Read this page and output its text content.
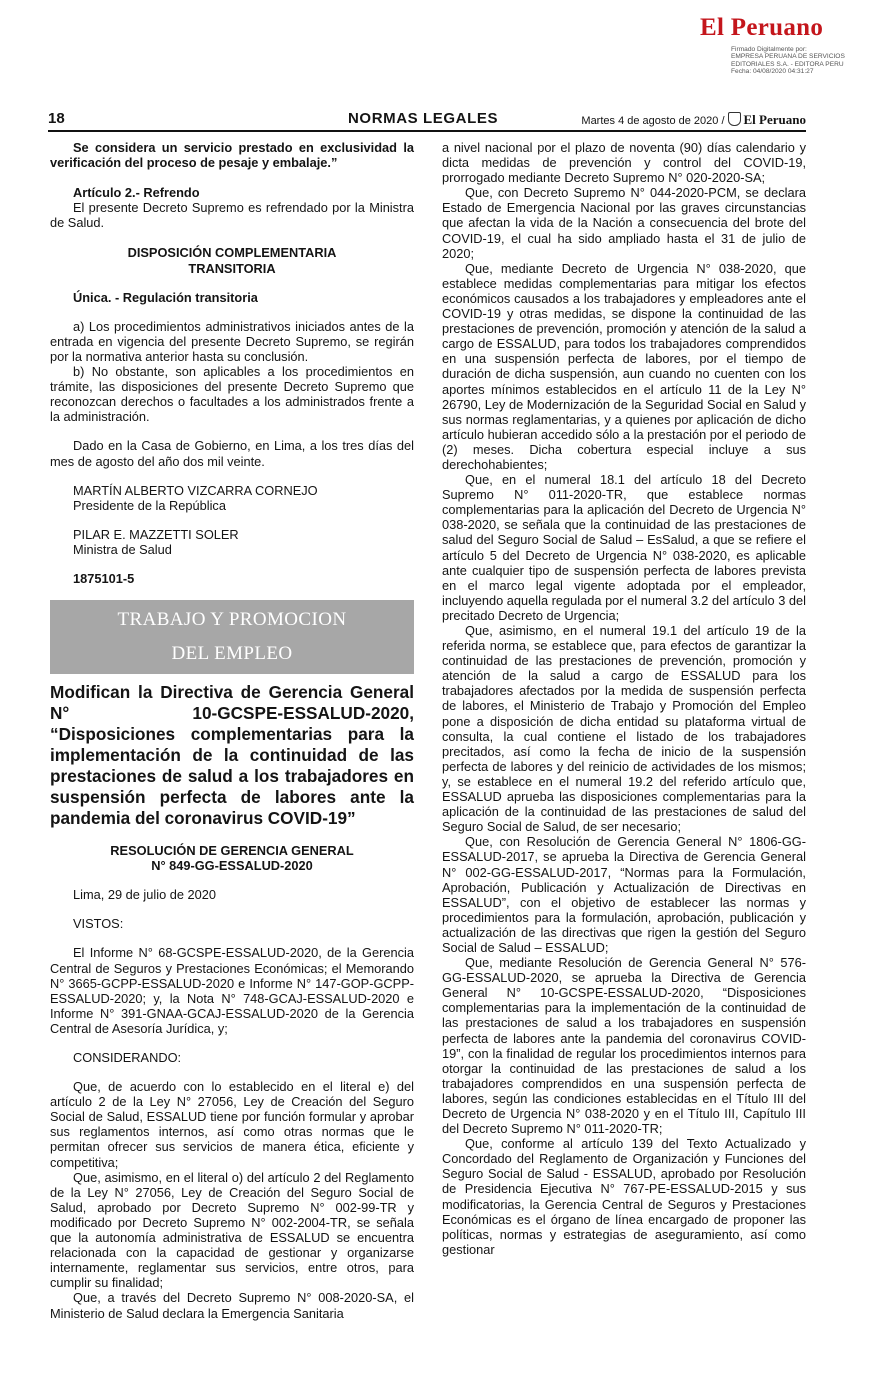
El Peruano
Firmado Digitalmente por:
EMPRESA PERUANA DE SERVICIOS
EDITORIALES S.A. - EDITORA PERU
Fecha: 04/08/2020 04:31:27
18	NORMAS LEGALES	Martes 4 de agosto de 2020 / El Peruano

Se considera un servicio prestado en exclusividad la verificación del proceso de pesaje y embalaje.”

Artículo 2.- Refrendo

El presente Decreto Supremo es refrendado por la Ministra de Salud.

DISPOSICIÓN COMPLEMENTARIA

TRANSITORIA

Única. - Regulación transitoria

a) Los procedimientos administrativos iniciados antes de la entrada en vigencia del presente Decreto Supremo, se regirán por la normativa anterior hasta su conclusión.

b) No obstante, son aplicables a los procedimientos en trámite, las disposiciones del presente Decreto Supremo que reconozcan derechos o facultades a los administrados frente a la administración.

Dado en la Casa de Gobierno, en Lima, a los tres días del mes de agosto del año dos mil veinte.

MARTÍN ALBERTO VIZCARRA CORNEJO

Presidente de la República

PILAR E. MAZZETTI SOLER

Ministra de Salud

1875101-5

TRABAJO Y PROMOCION
DEL EMPLEO

Modifican la Directiva de Gerencia General N° 10-GCSPE-ESSALUD-2020, “Disposiciones complementarias para la implementación de la continuidad de las prestaciones de salud a los trabajadores en suspensión perfecta de labores ante la pandemia del coronavirus COVID-19”

RESOLUCIÓN DE GERENCIA GENERAL

N° 849-GG-ESSALUD-2020

Lima, 29 de julio de 2020

VISTOS:

El Informe N° 68-GCSPE-ESSALUD-2020, de la Gerencia Central de Seguros y Prestaciones Económicas; el Memorando N° 3665-GCPP-ESSALUD-2020 e Informe N° 147-GOP-GCPP-ESSALUD-2020; y, la Nota N° 748-GCAJ-ESSALUD-2020 e Informe N° 391-GNAA-GCAJ-ESSALUD-2020 de la Gerencia Central de Asesoría Jurídica, y;

CONSIDERANDO:

Que, de acuerdo con lo establecido en el literal e) del artículo 2 de la Ley N° 27056, Ley de Creación del Seguro Social de Salud, ESSALUD tiene por función formular y aprobar sus reglamentos internos, así como otras normas que le permitan ofrecer sus servicios de manera ética, eficiente y competitiva;

Que, asimismo, en el literal o) del artículo 2 del Reglamento de la Ley N° 27056, Ley de Creación del Seguro Social de Salud, aprobado por Decreto Supremo N° 002-99-TR y modificado por Decreto Supremo N° 002-2004-TR, se señala que la autonomía administrativa de ESSALUD se encuentra relacionada con la capacidad de gestionar y organizarse internamente, reglamentar sus servicios, entre otros, para cumplir su finalidad;

Que, a través del Decreto Supremo N° 008-2020-SA, el Ministerio de Salud declara la Emergencia Sanitaria

a nivel nacional por el plazo de noventa (90) días calendario y dicta medidas de prevención y control del COVID-19, prorrogado mediante Decreto Supremo N° 020-2020-SA;

Que, con Decreto Supremo N° 044-2020-PCM, se declara Estado de Emergencia Nacional por las graves circunstancias que afectan la vida de la Nación a consecuencia del brote del COVID-19, el cual ha sido ampliado hasta el 31 de julio de 2020;

Que, mediante Decreto de Urgencia N° 038-2020, que establece medidas complementarias para mitigar los efectos económicos causados a los trabajadores y empleadores ante el COVID-19 y otras medidas, se dispone la continuidad de las prestaciones de prevención, promoción y atención de la salud a cargo de ESSALUD, para todos los trabajadores comprendidos en una suspensión perfecta de labores, por el tiempo de duración de dicha suspensión, aun cuando no cuenten con los aportes mínimos establecidos en el artículo 11 de la Ley N° 26790, Ley de Modernización de la Seguridad Social en Salud y sus normas reglamentarias, y a quienes por aplicación de dicho artículo hubieran accedido sólo a la prestación por el periodo de (2) meses. Dicha cobertura especial incluye a sus derechohabientes;

Que, en el numeral 18.1 del artículo 18 del Decreto Supremo N° 011-2020-TR, que establece normas complementarias para la aplicación del Decreto de Urgencia N° 038-2020, se señala que la continuidad de las prestaciones de salud del Seguro Social de Salud – EsSalud, a que se refiere el artículo 5 del Decreto de Urgencia N° 038-2020, es aplicable ante cualquier tipo de suspensión perfecta de labores prevista en el marco legal vigente adoptada por el empleador, incluyendo aquella regulada por el numeral 3.2 del artículo 3 del precitado Decreto de Urgencia;

Que, asimismo, en el numeral 19.1 del artículo 19 de la referida norma, se establece que, para efectos de garantizar la continuidad de las prestaciones de prevención, promoción y atención de la salud a cargo de ESSALUD para los trabajadores afectados por la medida de suspensión perfecta de labores, el Ministerio de Trabajo y Promoción del Empleo pone a disposición de dicha entidad su plataforma virtual de consulta, la cual contiene el listado de los trabajadores precitados, así como la fecha de inicio de la suspensión perfecta de labores y del reinicio de actividades de los mismos; y, se establece en el numeral 19.2 del referido artículo que, ESSALUD aprueba las disposiciones complementarias para la aplicación de la continuidad de las prestaciones de salud del Seguro Social de Salud, de ser necesario;

Que, con Resolución de Gerencia General N° 1806-GG-ESSALUD-2017, se aprueba la Directiva de Gerencia General N° 002-GG-ESSALUD-2017, “Normas para la Formulación, Aprobación, Publicación y Actualización de Directivas en ESSALUD”, con el objetivo de establecer las normas y procedimientos para la formulación, aprobación, publicación y actualización de las directivas que rigen la gestión del Seguro Social de Salud – ESSALUD;

Que, mediante Resolución de Gerencia General N° 576-GG-ESSALUD-2020, se aprueba la Directiva de Gerencia General N° 10-GCSPE-ESSALUD-2020, “Disposiciones complementarias para la implementación de la continuidad de las prestaciones de salud a los trabajadores en suspensión perfecta de labores ante la pandemia del coronavirus COVID-19”, con la finalidad de regular los procedimientos internos para otorgar la continuidad de las prestaciones de salud a los trabajadores comprendidos en una suspensión perfecta de labores, según las condiciones establecidas en el Título III del Decreto de Urgencia N° 038-2020 y en el Título III, Capítulo III del Decreto Supremo N° 011-2020-TR;

Que, conforme al artículo 139 del Texto Actualizado y Concordado del Reglamento de Organización y Funciones del Seguro Social de Salud - ESSALUD, aprobado por Resolución de Presidencia Ejecutiva N° 767-PE-ESSALUD-2015 y sus modificatorias, la Gerencia Central de Seguros y Prestaciones Económicas es el órgano de línea encargado de proponer las políticas, normas y estrategias de aseguramiento, así como gestionar
